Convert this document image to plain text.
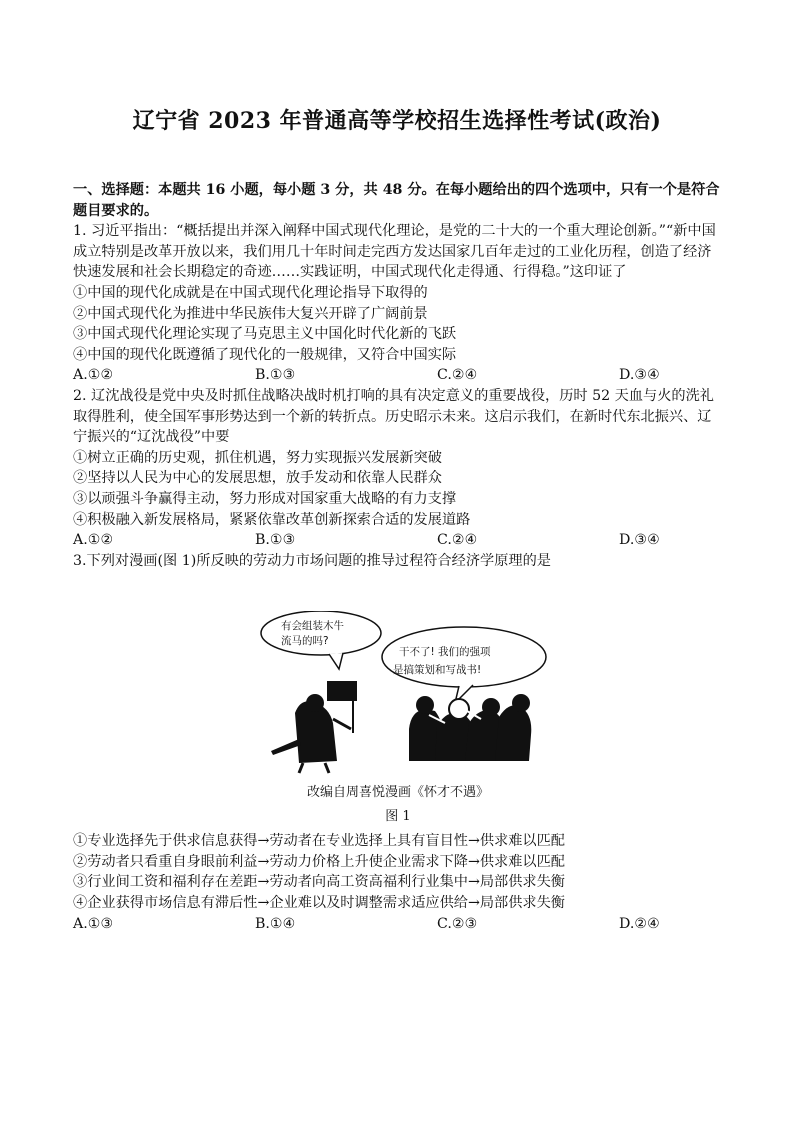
辽宁省 2023 年普通高等学校招生选择性考试(政治)

一、选择题：本题共 16 小题，每小题 3 分，共 48 分。在每小题给出的四个选项中，只有一个是符合题目要求的。

1. 习近平指出：“概括提出并深入阐释中国式现代化理论，是党的二十大的一个重大理论创新。”“新中国成立特别是改革开放以来，我们用几十年时间走完西方发达国家几百年走过的工业化历程，创造了经济快速发展和社会长期稳定的奇迹……实践证明，中国式现代化走得通、行得稳。”这印证了

①中国的现代化成就是在中国式现代化理论指导下取得的

②中国式现代化为推进中华民族伟大复兴开辟了广阔前景

③中国式现代化理论实现了马克思主义中国化时代化新的飞跃

④中国的现代化既遵循了现代化的一般规律，又符合中国实际

A.①②	B.①③	C.②④	D.③④

2. 辽沈战役是党中央及时抓住战略决战时机打响的具有决定意义的重要战役，历时 52 天血与火的洗礼取得胜利，使全国军事形势达到一个新的转折点。历史昭示未来。这启示我们，在新时代东北振兴、辽宁振兴的“辽沈战役”中要

①树立正确的历史观，抓住机遇，努力实现振兴发展新突破

②坚持以人民为中心的发展思想，放手发动和依靠人民群众

③以顽强斗争赢得主动，努力形成对国家重大战略的有力支撑

④积极融入新发展格局，紧紧依靠改革创新探索合适的发展道路

A.①②	B.①③	C.②④	D.③④

3.下列对漫画(图 1)所反映的劳动力市场问题的推导过程符合经济学原理的是

有会组装木牛
流马的吗?
干不了! 我们的强项
是搞策划和写战书!
改编自周喜悦漫画《怀才不遇》
图 1

①专业选择先于供求信息获得→劳动者在专业选择上具有盲目性→供求难以匹配

②劳动者只看重自身眼前利益→劳动力价格上升使企业需求下降→供求难以匹配

③行业间工资和福利存在差距→劳动者向高工资高福利行业集中→局部供求失衡

④企业获得市场信息有滞后性→企业难以及时调整需求适应供给→局部供求失衡

A.①③	B.①④	C.②③	D.②④
